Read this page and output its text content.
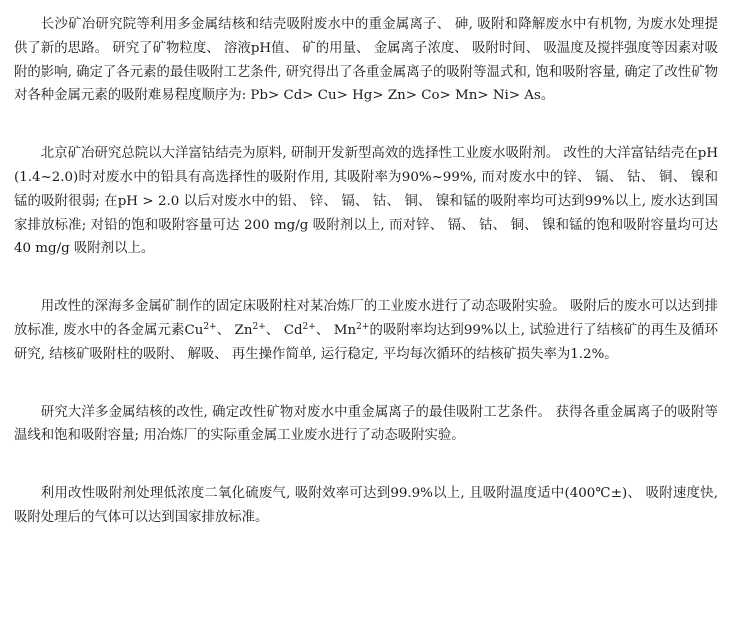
长沙矿冶研究院等利用多金属结核和结壳吸附废水中的重金属离子、 砷, 吸附和降解废水中有机物, 为废水处理提供了新的思路。 研究了矿物粒度、 溶液pH值、 矿的用量、 金属离子浓度、 吸附时间、 吸温度及搅拌强度等因素对吸附的影响, 确定了各元素的最佳吸附工艺条件, 研究得出了各重金属离子的吸附等温式和, 饱和吸附容量, 确定了改性矿物对各种金属元素的吸附难易程度顺序为: Pb> Cd> Cu> Hg> Zn> Co> Mn> Ni> As。

北京矿冶研究总院以大洋富钴结壳为原料, 研制开发新型高效的选择性工业废水吸附剂。 改性的大洋富钴结壳在pH(1.4~2.0)时对废水中的铅具有高选择性的吸附作用, 其吸附率为90%~99%, 而对废水中的锌、 镉、 钴、 铜、 镍和锰的吸附很弱; 在pH > 2.0 以后对废水中的铅、 锌、 镉、 钴、 铜、 镍和锰的吸附率均可达到99%以上, 废水达到国家排放标准; 对铅的饱和吸附容量可达 200 mg/g 吸附剂以上, 而对锌、 镉、 钴、 铜、 镍和锰的饱和吸附容量均可达40 mg/g 吸附剂以上。

用改性的深海多金属矿制作的固定床吸附柱对某冶炼厂的工业废水进行了动态吸附实验。 吸附后的废水可以达到排放标准, 废水中的各金属元素$Cu^{2+}$、 $Zn^{2+}$、 $Cd^{2+}$、 $Mn^{2+}$的吸附率均达到99%以上, 试验进行了结核矿的再生及循环研究, 结核矿吸附柱的吸附、 解吸、 再生操作简单, 运行稳定, 平均每次循环的结核矿损失率为1.2%。

研究大洋多金属结核的改性, 确定改性矿物对废水中重金属离子的最佳吸附工艺条件。 获得各重金属离子的吸附等温线和饱和吸附容量; 用冶炼厂的实际重金属工业废水进行了动态吸附实验。

利用改性吸附剂处理低浓度二氧化硫废气, 吸附效率可达到99.9%以上, 且吸附温度适中(400℃±)、 吸附速度快, 吸附处理后的气体可以达到国家排放标准。
